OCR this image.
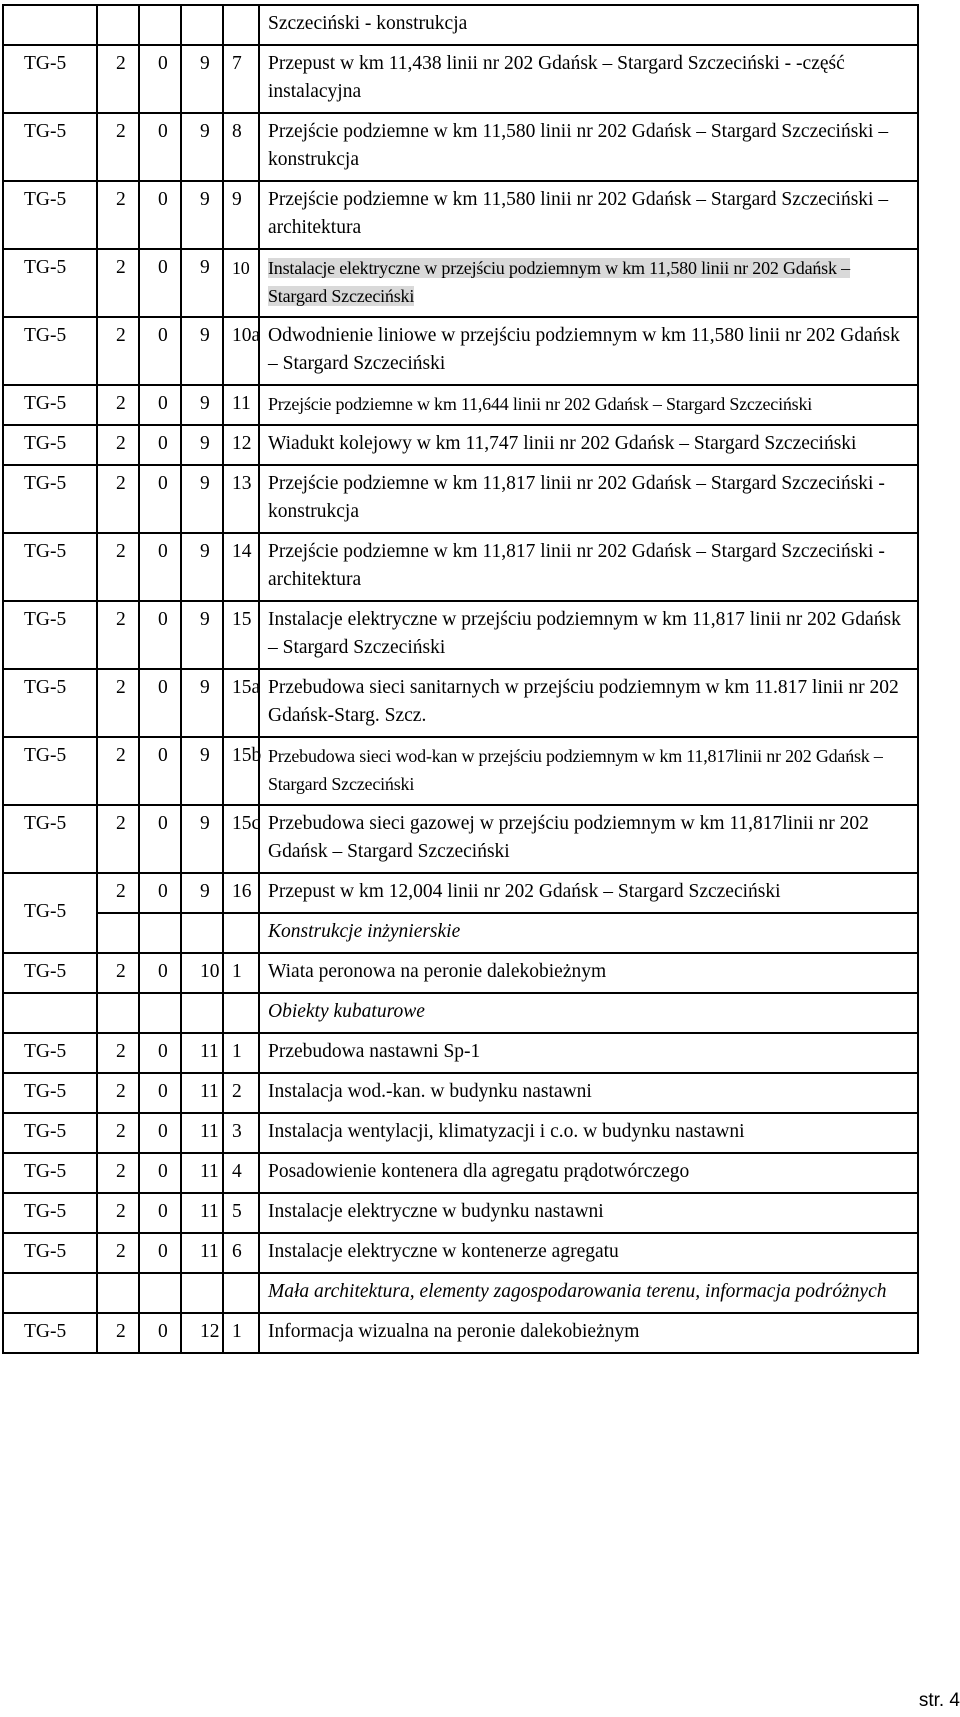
					Szczeciński - konstrukcja
TG-5	2	0	9	7	Przepust w km 11,438 linii nr 202 Gdańsk – Stargard Szczeciński - -część instalacyjna
TG-5	2	0	9	8	Przejście podziemne w km 11,580 linii nr 202 Gdańsk – Stargard Szczeciński – konstrukcja
TG-5	2	0	9	9	Przejście podziemne w km 11,580 linii nr 202 Gdańsk – Stargard Szczeciński – architektura
TG-5	2	0	9	10	Instalacje elektryczne w przejściu podziemnym w km 11,580 linii nr 202 Gdańsk – Stargard Szczeciński
TG-5	2	0	9	10a	Odwodnienie liniowe w przejściu podziemnym w km 11,580 linii nr 202 Gdańsk – Stargard Szczeciński
TG-5	2	0	9	11	Przejście podziemne w km 11,644 linii nr 202 Gdańsk – Stargard Szczeciński
TG-5	2	0	9	12	Wiadukt kolejowy w km 11,747 linii nr 202 Gdańsk – Stargard Szczeciński
TG-5	2	0	9	13	Przejście podziemne w km 11,817 linii nr 202 Gdańsk – Stargard Szczeciński - konstrukcja
TG-5	2	0	9	14	Przejście podziemne w km 11,817 linii nr 202 Gdańsk – Stargard Szczeciński - architektura
TG-5	2	0	9	15	Instalacje elektryczne w przejściu podziemnym w km 11,817 linii nr 202 Gdańsk – Stargard Szczeciński
TG-5	2	0	9	15a	Przebudowa sieci sanitarnych w przejściu podziemnym w km 11.817 linii nr 202 Gdańsk-Starg. Szcz.
TG-5	2	0	9	15b	Przebudowa sieci wod-kan w przejściu podziemnym w km 11,817linii nr 202 Gdańsk – Stargard Szczeciński
TG-5	2	0	9	15c	Przebudowa sieci gazowej w przejściu podziemnym w km 11,817linii nr 202 Gdańsk – Stargard Szczeciński
TG-5	2	0	9	16	Przepust w km 12,004 linii nr 202 Gdańsk – Stargard Szczeciński
					Konstrukcje inżynierskie
TG-5	2	0	10	1	Wiata peronowa na peronie dalekobieżnym
					Obiekty kubaturowe
TG-5	2	0	11	1	Przebudowa nastawni Sp-1
TG-5	2	0	11	2	Instalacja wod.-kan. w budynku nastawni
TG-5	2	0	11	3	Instalacja wentylacji, klimatyzacji i c.o. w budynku nastawni
TG-5	2	0	11	4	Posadowienie kontenera dla agregatu prądotwórczego
TG-5	2	0	11	5	Instalacje elektryczne w budynku nastawni
TG-5	2	0	11	6	Instalacje elektryczne w kontenerze agregatu
					Mała architektura, elementy zagospodarowania terenu, informacja podróżnych
TG-5	2	0	12	1	Informacja wizualna na peronie dalekobieżnym
str. 4
